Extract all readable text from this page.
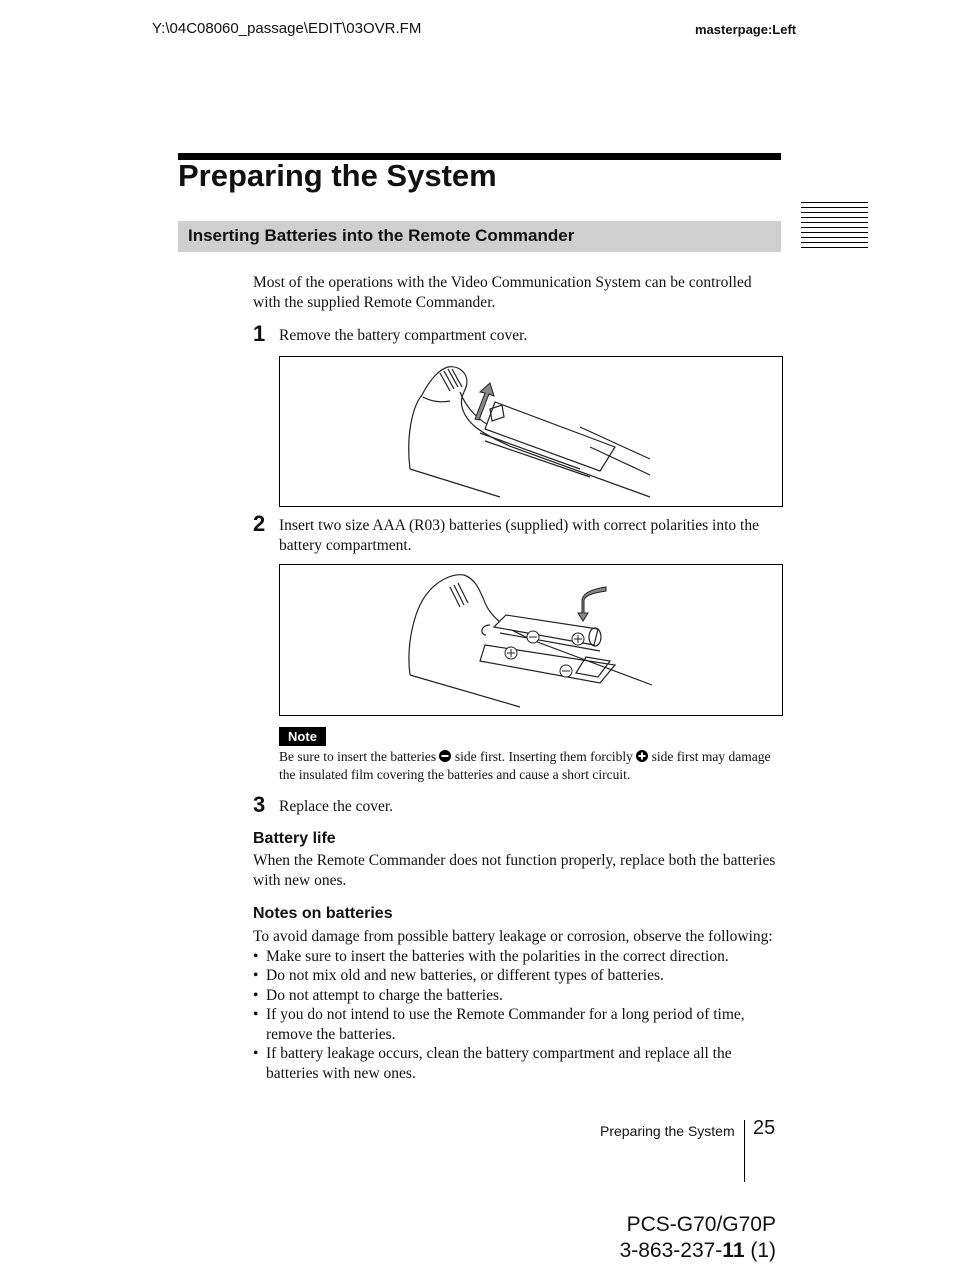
Y:\04C08060_passage\EDIT\03OVR.FM	masterpage:Left
Preparing the System
Inserting Batteries into the Remote Commander
Most of the operations with the Video Communication System can be controlled with the supplied Remote Commander.
1 Remove the battery compartment cover.
2 Insert two size AAA (R03) batteries (supplied) with correct polarities into the battery compartment.
Note
Be sure to insert the batteries side first. Inserting them forcibly side first may damage the insulated film covering the batteries and cause a short circuit.
3 Replace the cover.
Battery life
When the Remote Commander does not function properly, replace both the batteries with new ones.
Notes on batteries
To avoid damage from possible battery leakage or corrosion, observe the following:
• Make sure to insert the batteries with the polarities in the correct direction.
• Do not mix old and new batteries, or different types of batteries.
• Do not attempt to charge the batteries.
• If you do not intend to use the Remote Commander for a long period of time, remove the batteries.
• If battery leakage occurs, clean the battery compartment and replace all the batteries with new ones.
Preparing the System 25
PCS-G70/G70P
3-863-237-11 (1)
